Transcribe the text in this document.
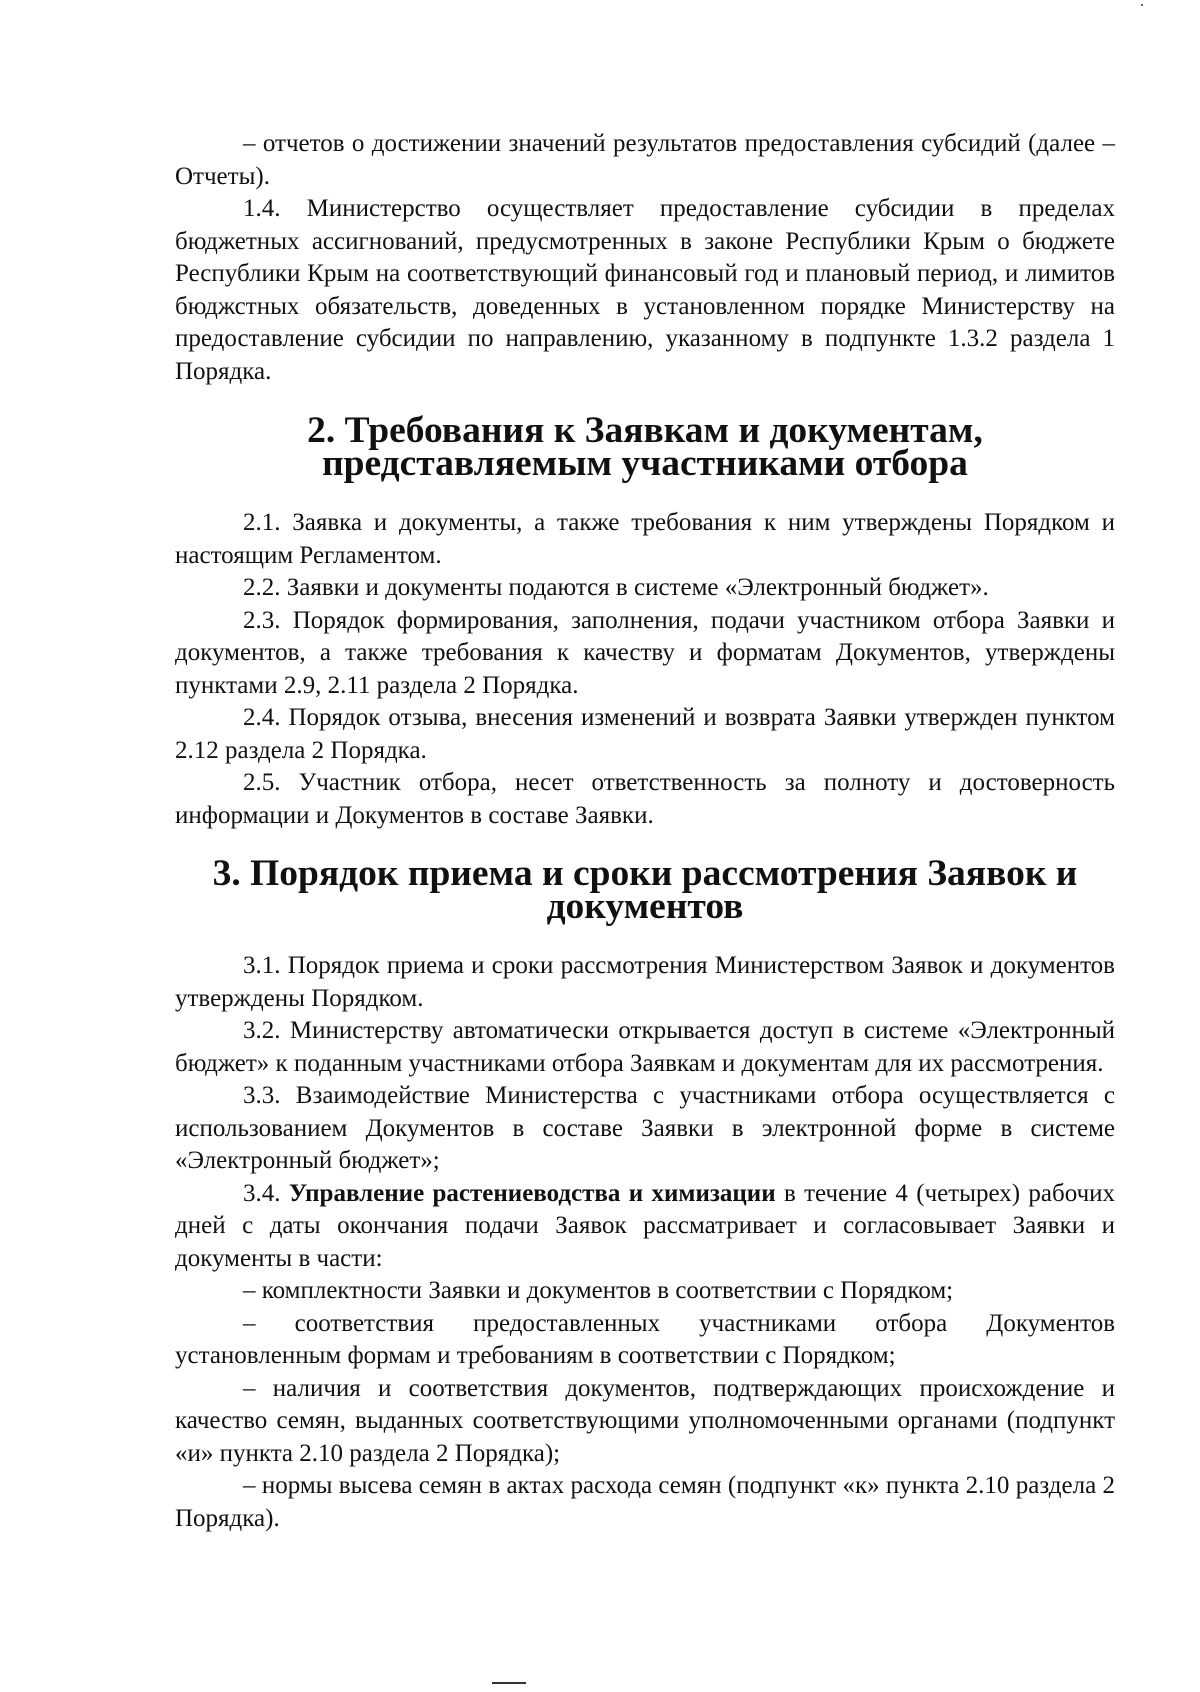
– отчетов о достижении значений результатов предоставления субсидий (далее – Отчеты).

1.4. Министерство осуществляет предоставление субсидии в пределах бюджетных ассигнований, предусмотренных в законе Республики Крым о бюджете Республики Крым на соответствующий финансовый год и плановый период, и лимитов бюджстных обязательств, доведенных в установленном порядке Министерству на предоставление субсидии по направлению, указанному в подпункте 1.3.2 раздела 1 Порядка.

2. Требования к Заявкам и документам,
представляемым участниками отбора

2.1. Заявка и документы, а также требования к ним утверждены Порядком и настоящим Регламентом.

2.2. Заявки и документы подаются в системе «Электронный бюджет».

2.3. Порядок формирования, заполнения, подачи участником отбора Заявки и документов, а также требования к качеству и форматам Документов, утверждены пунктами 2.9, 2.11 раздела 2 Порядка.

2.4. Порядок отзыва, внесения изменений и возврата Заявки утвержден пунктом 2.12 раздела 2 Порядка.

2.5. Участник отбора, несет ответственность за полноту и достоверность информации и Документов в составе Заявки.

3. Порядок приема и сроки рассмотрения Заявок и документов

3.1. Порядок приема и сроки рассмотрения Министерством Заявок и документов утверждены Порядком.

3.2. Министерству автоматически открывается доступ в системе «Электронный бюджет» к поданным участниками отбора Заявкам и документам для их рассмотрения.

3.3. Взаимодействие Министерства с участниками отбора осуществляется с использованием Документов в составе Заявки в электронной форме в системе «Электронный бюджет»;

3.4. Управление растениеводства и химизации в течение 4 (четырех) рабочих дней с даты окончания подачи Заявок рассматривает и согласовывает Заявки и документы в части:

– комплектности Заявки и документов в соответствии с Порядком;

– соответствия предоставленных участниками отбора Документов установленным формам и требованиям в соответствии с Порядком;

– наличия и соответствия документов, подтверждающих происхождение и качество семян, выданных соответствующими уполномоченными органами (подпункт «и» пункта 2.10 раздела 2 Порядка);

– нормы высева семян в актах расхода семян (подпункт «к» пункта 2.10 раздела 2 Порядка).
